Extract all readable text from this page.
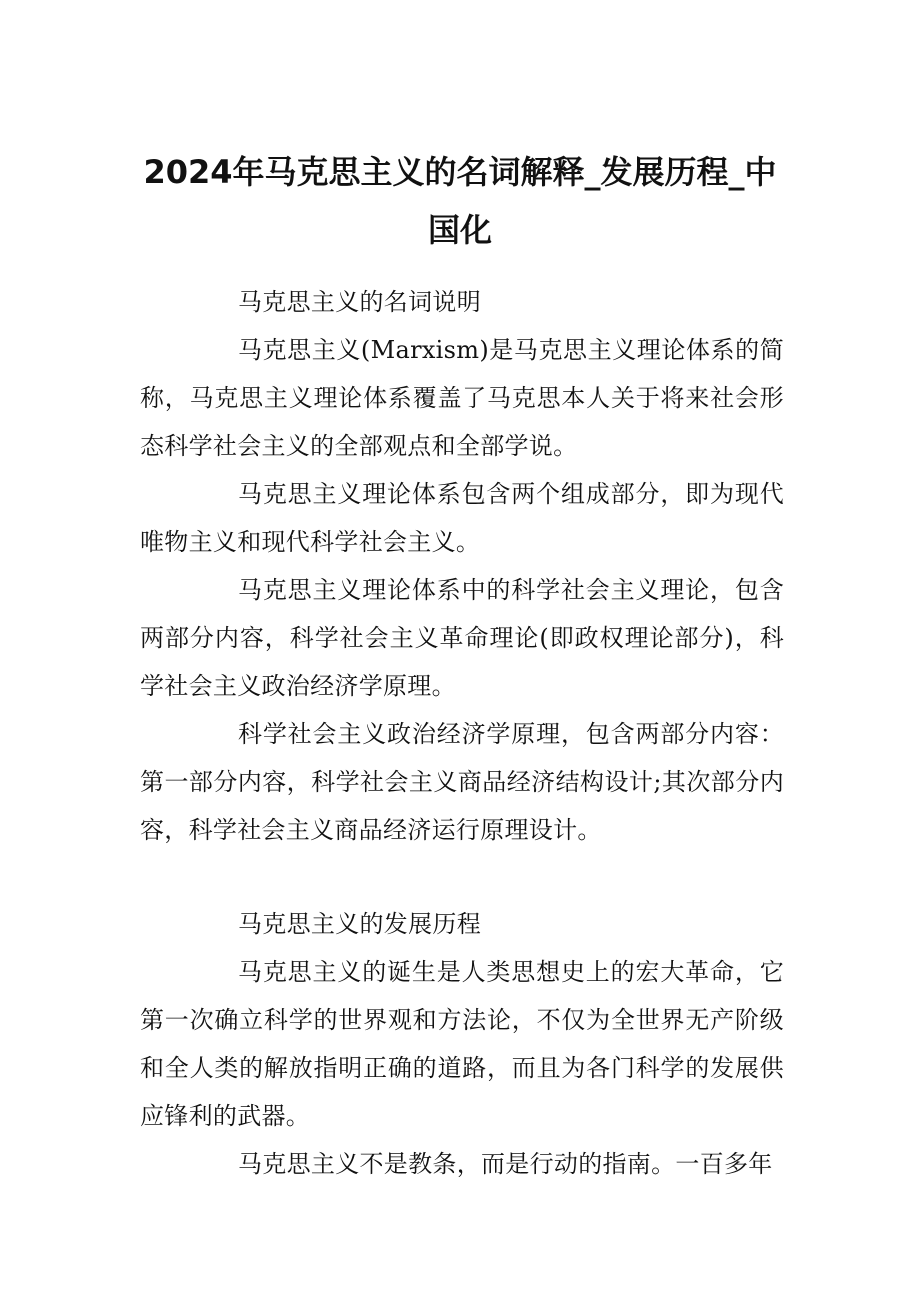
2024年马克思主义的名词解释_发展历程_中国化

马克思主义的名词说明

马克思主义(Marxism)是马克思主义理论体系的简称，马克思主义理论体系覆盖了马克思本人关于将来社会形态科学社会主义的全部观点和全部学说。

马克思主义理论体系包含两个组成部分，即为现代唯物主义和现代科学社会主义。

马克思主义理论体系中的科学社会主义理论，包含两部分内容，科学社会主义革命理论(即政权理论部分)，科学社会主义政治经济学原理。

科学社会主义政治经济学原理，包含两部分内容：第一部分内容，科学社会主义商品经济结构设计;其次部分内容，科学社会主义商品经济运行原理设计。

马克思主义的发展历程

马克思主义的诞生是人类思想史上的宏大革命，它第一次确立科学的世界观和方法论，不仅为全世界无产阶级和全人类的解放指明正确的道路，而且为各门科学的发展供应锋利的武器。

马克思主义不是教条，而是行动的指南。一百多年
